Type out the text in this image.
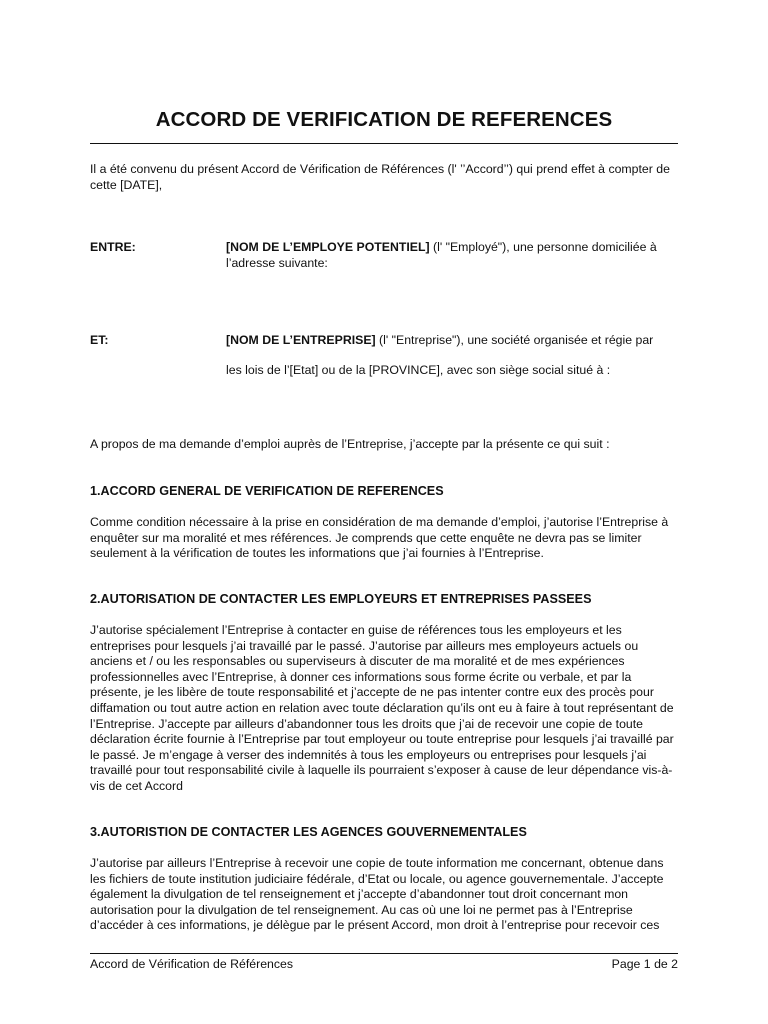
ACCORD DE VERIFICATION DE REFERENCES
Il a été convenu du présent Accord de Vérification de Références (l' ’’Accord’’) qui prend effet à compter de cette [DATE],
ENTRE:	[NOM DE L’EMPLOYE POTENTIEL] (l' "Employé"), une personne domiciliée à l’adresse suivante:
ET:	[NOM DE L’ENTREPRISE] (l' "Entreprise"), une société organisée et régie par
les lois de l’[Etat] ou de la [PROVINCE], avec son siège social situé à :
A propos de ma demande d’emploi auprès de l’Entreprise, j’accepte par la présente ce qui suit :
1.ACCORD GENERAL DE VERIFICATION DE REFERENCES
Comme condition nécessaire à la prise en considération de ma demande d’emploi, j’autorise l’Entreprise à enquêter sur ma moralité et mes références. Je comprends que cette enquête ne devra pas se limiter seulement à la vérification de toutes les informations que j’ai fournies à l’Entreprise.
2.AUTORISATION DE CONTACTER LES EMPLOYEURS ET ENTREPRISES PASSEES
J’autorise spécialement l’Entreprise à contacter en guise de références tous les employeurs et les entreprises pour lesquels j’ai travaillé par le passé. J’autorise par ailleurs mes employeurs actuels ou anciens et / ou les responsables ou superviseurs à discuter de ma moralité et de mes expériences professionnelles avec l’Entreprise, à donner ces informations sous forme écrite ou verbale, et par la présente, je les libère de toute responsabilité et j’accepte de ne pas intenter contre eux des procès pour diffamation ou tout autre action en relation avec toute déclaration qu’ils ont eu à faire à tout représentant de l’Entreprise. J’accepte par ailleurs d’abandonner tous les droits que j’ai de recevoir une copie de toute déclaration écrite fournie à l’Entreprise par tout employeur ou toute entreprise pour lesquels j’ai travaillé par le passé. Je m’engage à verser des indemnités à tous les employeurs ou entreprises pour lesquels j’ai travaillé pour tout responsabilité civile à laquelle ils pourraient s’exposer à cause de leur dépendance vis-à-vis de cet Accord
3.AUTORISTION DE CONTACTER LES AGENCES GOUVERNEMENTALES
J’autorise par ailleurs l’Entreprise à recevoir une copie de toute information me concernant, obtenue dans les fichiers de toute institution judiciaire fédérale, d’Etat ou locale, ou agence gouvernementale. J’accepte également la divulgation de tel renseignement et j’accepte d’abandonner tout droit concernant mon autorisation pour la divulgation de tel renseignement. Au cas où une loi ne permet pas à l’Entreprise d’accéder à ces informations, je délègue par le présent Accord, mon droit à l’entreprise pour recevoir ces
Accord de Vérification de Références	Page 1 de 2
